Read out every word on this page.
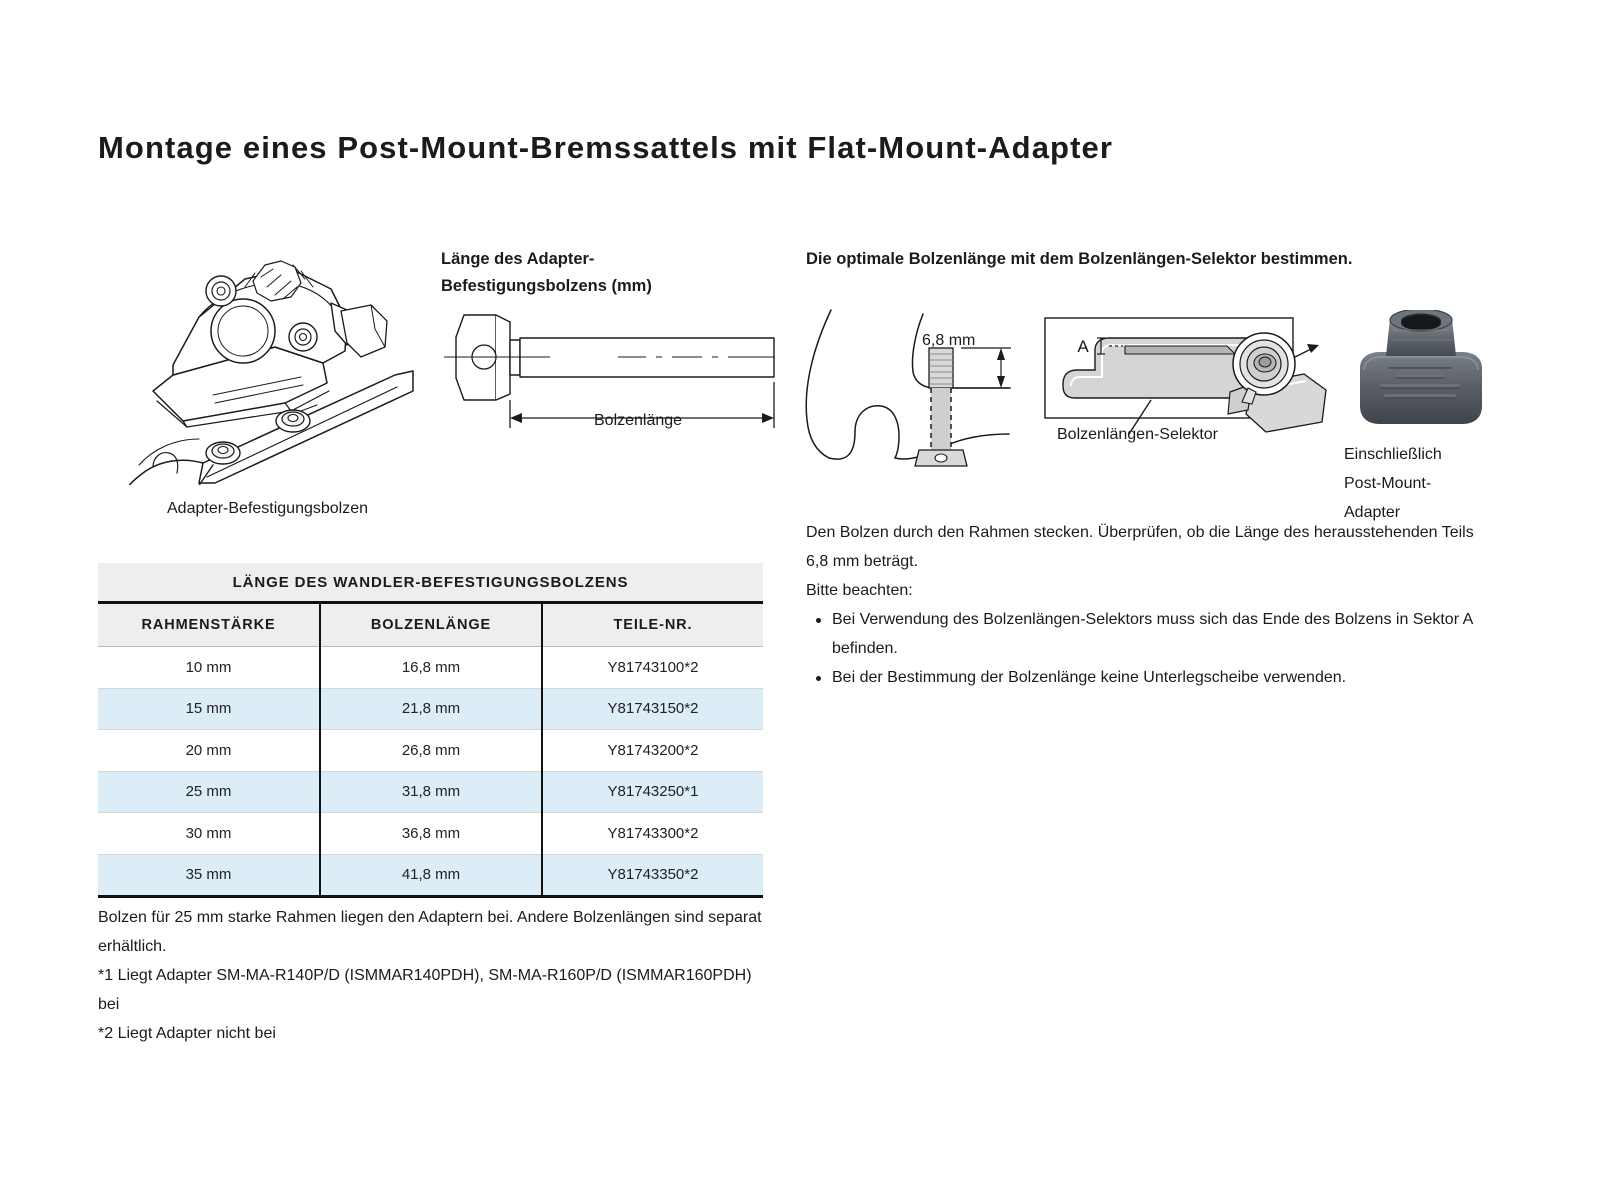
Montage eines Post-Mount-Bremssattels mit Flat-Mount-Adapter
Adapter-Befestigungsbolzen
Länge des Adapter-
Befestigungsbolzens (mm)
Bolzenlänge
Die optimale Bolzenlänge mit dem Bolzenlängen-Selektor bestimmen.
A
6,8 mm
Bolzenlängen-Selektor
Einschließlich
Post-Mount-
Adapter
LÄNGE DES WANDLER-BEFESTIGUNGSBOLZENS		
RAHMENSTÄRKE	BOLZENLÄNGE	TEILE-NR.
10 mm	16,8 mm	Y81743100*2
15 mm	21,8 mm	Y81743150*2
20 mm	26,8 mm	Y81743200*2
25 mm	31,8 mm	Y81743250*1
30 mm	36,8 mm	Y81743300*2
35 mm	41,8 mm	Y81743350*2

Bolzen für 25 mm starke Rahmen liegen den Adaptern bei. Andere Bolzenlängen sind separat erhältlich.

*1 Liegt Adapter SM-MA-R140P/D (ISMMAR140PDH), SM-MA-R160P/D (ISMMAR160PDH) bei

*2 Liegt Adapter nicht bei

Den Bolzen durch den Rahmen stecken. Überprüfen, ob die Länge des herausstehenden Teils 6,8 mm beträgt.

Bitte beachten:

Bei Verwendung des Bolzenlängen-Selektors muss sich das Ende des Bolzens in Sektor A befinden.
Bei der Bestimmung der Bolzenlänge keine Unterlegscheibe verwenden.
